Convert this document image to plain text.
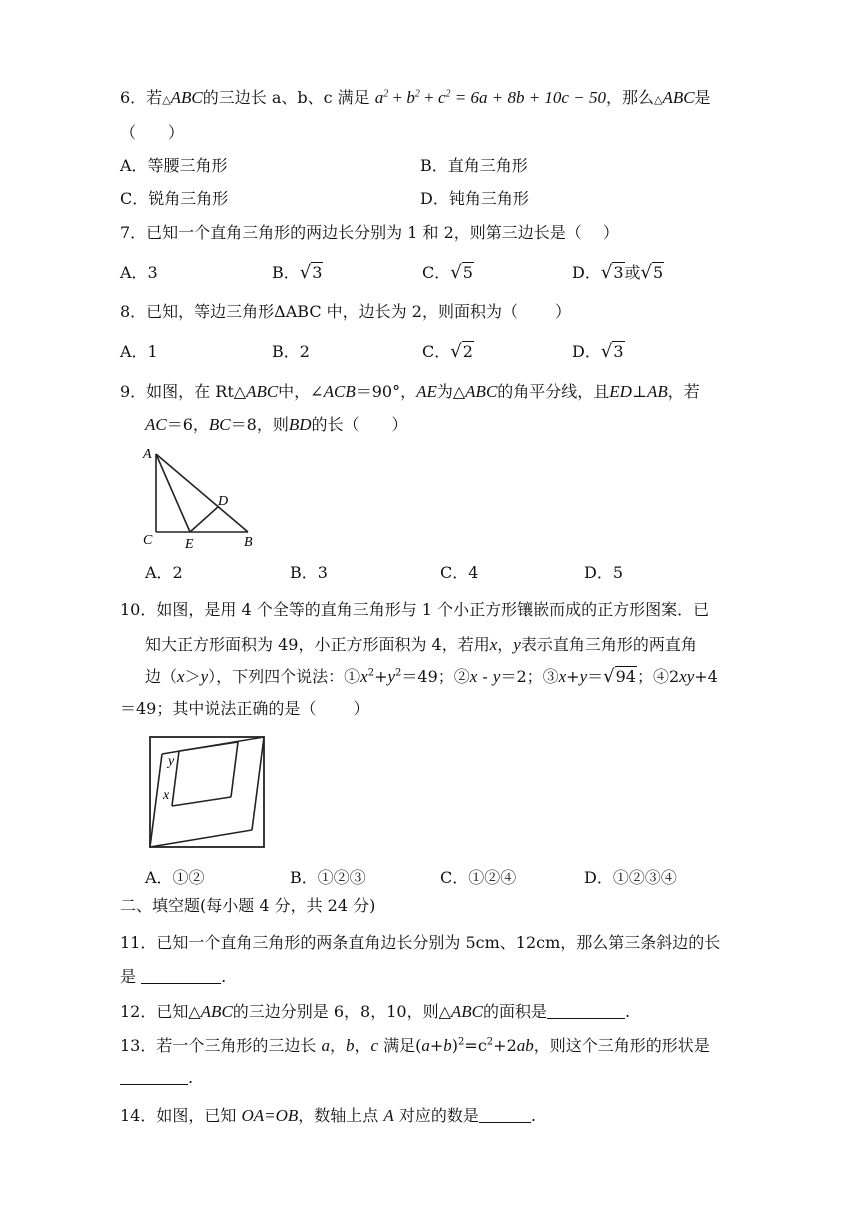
6．若△ABC的三边长 a、b、c 满足 $a^2 + b^2 + c^2 = 6a + 8b + 10c - 50$，那么△ABC是
（　　）
A．等腰三角形	B．直角三角形
C．锐角三角形	D．钝角三角形
7．已知一个直角三角形的两边长分别为 1 和 2，则第三边长是（　 ）
A．3	B．√3	C．√5	D．√3或√5
8．已知，等边三角形ΔABC 中，边长为 2，则面积为（　　 ）
A．1	B．2	C．√2	D．√3
9．如图，在 Rt△ABC中，∠ACB＝90°，AE为△ABC的角平分线，且ED⊥AB，若
AC＝6，BC＝8，则BD的长（　　）
A
C E	B
D
A．2	B．3	C．4	D．5
10．如图，是用 4 个全等的直角三角形与 1 个小正方形镶嵌而成的正方形图案．已
知大正方形面积为 49，小正方形面积为 4，若用x，y表示直角三角形的两直角
边（x＞y），下列四个说法：$①x^2+y^2=49$；②x - y＝2；③x+y＝√94；④2xy+4
＝49；其中说法正确的是（　　 ）
y
x
A．①②	B．①②③	C．①②④	D．①②③④
二、填空题(每小题 4 分，共 24 分)
11．已知一个直角三角形的两条直角边长分别为 5cm、12cm，那么第三条斜边的长
是	.
12．已知△ABC的三边分别是 6，8，10，则△ABC的面积是	.
13．若一个三角形的三边长 a，b，c 满足$(a+b)^2=c^2+2ab$，则这个三角形的形状是
.
14．如图，已知 OA=OB，数轴上点 A 对应的数是	.
